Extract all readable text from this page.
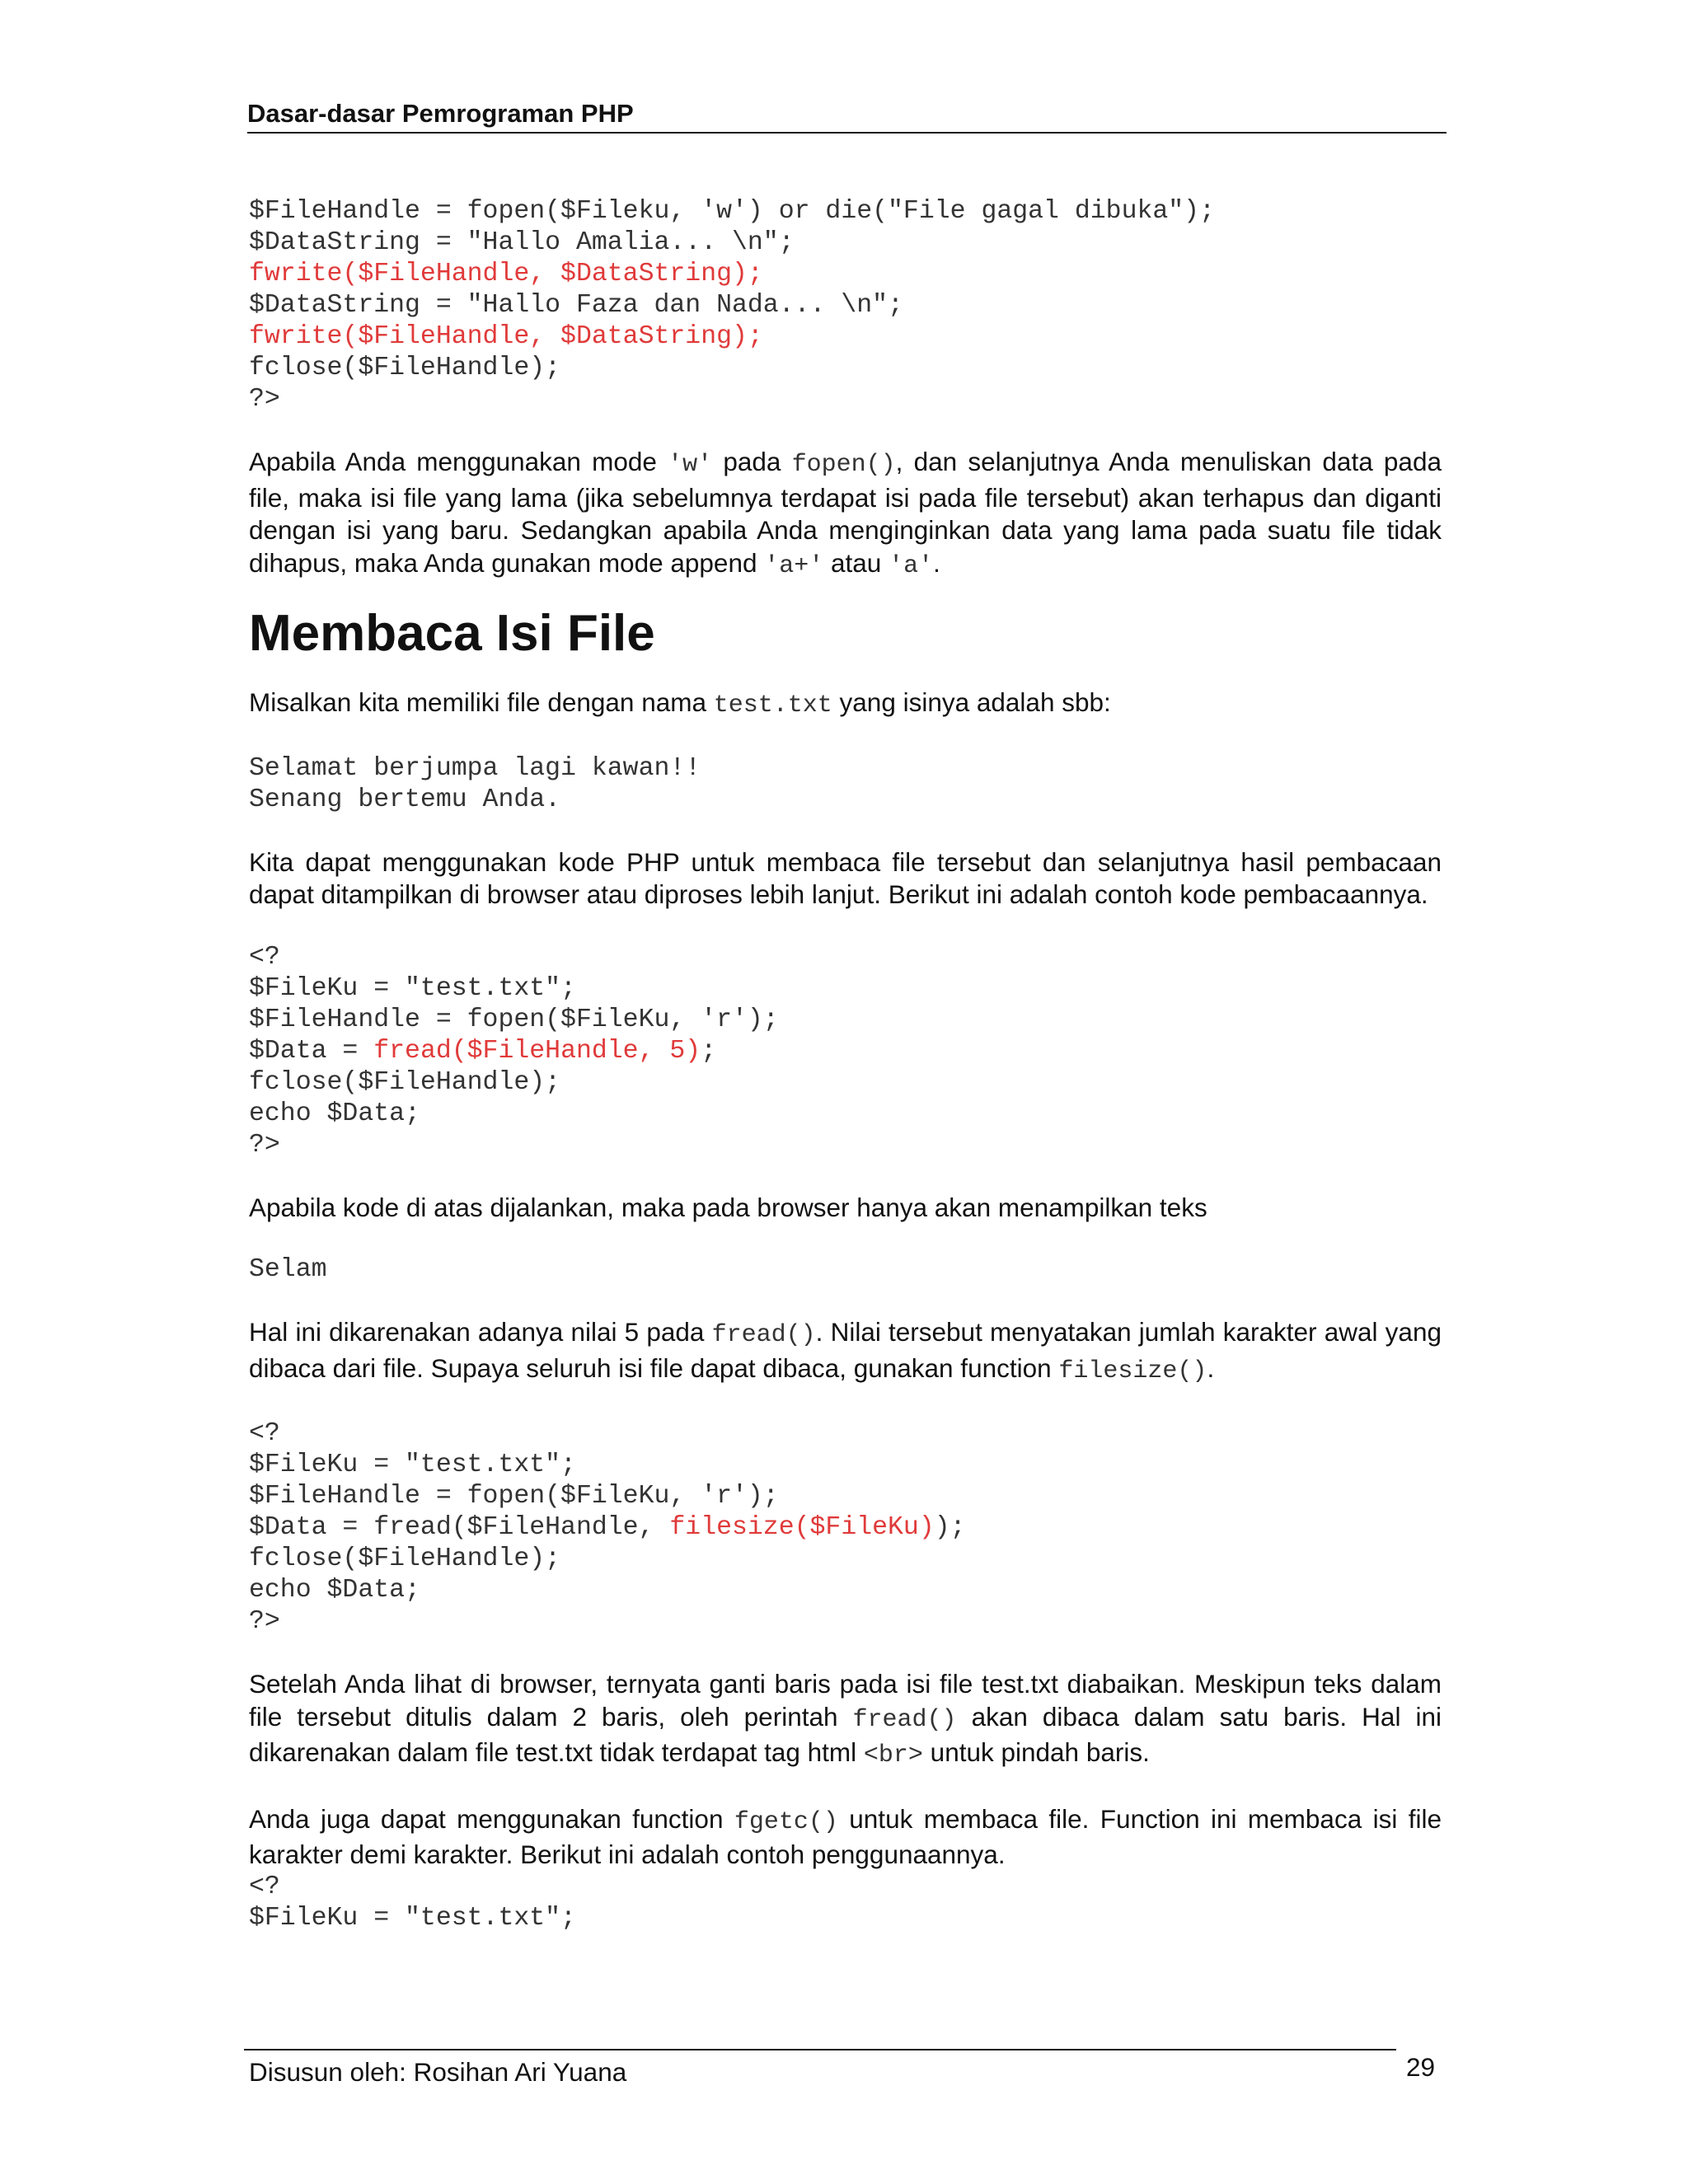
Dasar-dasar Pemrograman PHP
$FileHandle = fopen($Fileku, 'w') or die("File gagal dibuka");
$DataString = "Hallo Amalia... \n";
fwrite($FileHandle, $DataString);
$DataString = "Hallo Faza dan Nada... \n";
fwrite($FileHandle, $DataString);
fclose($FileHandle);
?>

Apabila Anda menggunakan mode 'w' pada fopen(), dan selanjutnya Anda menuliskan data pada file, maka isi file yang lama (jika sebelumnya terdapat isi pada file tersebut) akan terhapus dan diganti dengan isi yang baru. Sedangkan apabila Anda menginginkan data yang lama pada suatu file tidak dihapus, maka Anda gunakan mode append 'a+' atau 'a'.

Membaca Isi File

Misalkan kita memiliki file dengan nama test.txt yang isinya adalah sbb:

Selamat berjumpa lagi kawan!!
Senang bertemu Anda.

Kita dapat menggunakan kode PHP untuk membaca file tersebut dan selanjutnya hasil pembacaan dapat ditampilkan di browser atau diproses lebih lanjut. Berikut ini adalah contoh kode pembacaannya.

<?
$FileKu = "test.txt";
$FileHandle = fopen($FileKu, 'r');
$Data = fread($FileHandle, 5);
fclose($FileHandle);
echo $Data;
?>

Apabila kode di atas dijalankan, maka pada browser hanya akan menampilkan teks

Selam

Hal ini dikarenakan adanya nilai 5 pada fread(). Nilai tersebut menyatakan jumlah karakter awal yang dibaca dari file. Supaya seluruh isi file dapat dibaca, gunakan function filesize().

<?
$FileKu = "test.txt";
$FileHandle = fopen($FileKu, 'r');
$Data = fread($FileHandle, filesize($FileKu));
fclose($FileHandle);
echo $Data;
?>

Setelah Anda lihat di browser, ternyata ganti baris pada isi file test.txt diabaikan. Meskipun teks dalam file tersebut ditulis dalam 2 baris, oleh perintah fread() akan dibaca dalam satu baris. Hal ini dikarenakan dalam file test.txt tidak terdapat tag html <br> untuk pindah baris.

Anda juga dapat menggunakan function fgetc() untuk membaca file. Function ini membaca isi file karakter demi karakter. Berikut ini adalah contoh penggunaannya.

<?
$FileKu = "test.txt";
Disusun oleh: Rosihan Ari Yuana	29
